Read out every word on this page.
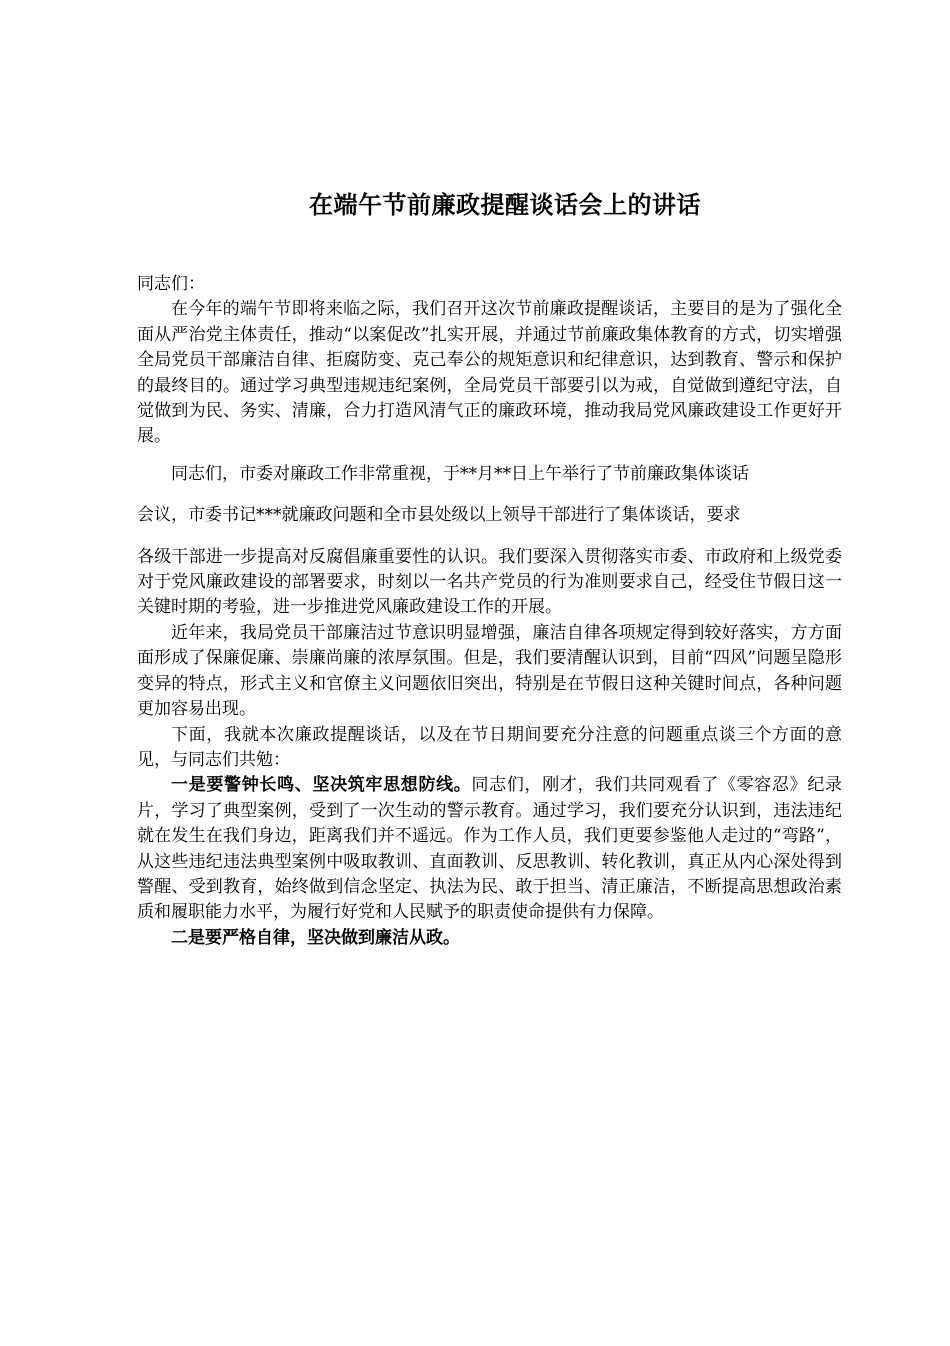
在端午节前廉政提醒谈话会上的讲话

同志们：

在今年的端午节即将来临之际，我们召开这次节前廉政提醒谈话，主要目的是为了强化全面从严治党主体责任，推动“以案促改”扎实开展，并通过节前廉政集体教育的方式，切实增强全局党员干部廉洁自律、拒腐防变、克己奉公的规矩意识和纪律意识，达到教育、警示和保护的最终目的。通过学习典型违规违纪案例，全局党员干部要引以为戒，自觉做到遵纪守法，自觉做到为民、务实、清廉，合力打造风清气正的廉政环境，推动我局党风廉政建设工作更好开展。

同志们，市委对廉政工作非常重视，于**月**日上午举行了节前廉政集体谈话

会议，市委书记***就廉政问题和全市县处级以上领导干部进行了集体谈话，要求

各级干部进一步提高对反腐倡廉重要性的认识。我们要深入贯彻落实市委、市政府和上级党委对于党风廉政建设的部署要求，时刻以一名共产党员的行为准则要求自己，经受住节假日这一关键时期的考验，进一步推进党风廉政建设工作的开展。

近年来，我局党员干部廉洁过节意识明显增强，廉洁自律各项规定得到较好落实，方方面面形成了保廉促廉、崇廉尚廉的浓厚氛围。但是，我们要清醒认识到，目前“四风”问题呈隐形变异的特点，形式主义和官僚主义问题依旧突出，特别是在节假日这种关键时间点，各种问题更加容易出现。

下面，我就本次廉政提醒谈话，以及在节日期间要充分注意的问题重点谈三个方面的意见，与同志们共勉：

一是要警钟长鸣、坚决筑牢思想防线。同志们，刚才，我们共同观看了《零容忍》纪录片，学习了典型案例，受到了一次生动的警示教育。通过学习，我们要充分认识到，违法违纪就在发生在我们身边，距离我们并不遥远。作为工作人员，我们更要参鉴他人走过的“弯路”，从这些违纪违法典型案例中吸取教训、直面教训、反思教训、转化教训，真正从内心深处得到警醒、受到教育，始终做到信念坚定、执法为民、敢于担当、清正廉洁，不断提高思想政治素质和履职能力水平，为履行好党和人民赋予的职责使命提供有力保障。

二是要严格自律，坚决做到廉洁从政。
